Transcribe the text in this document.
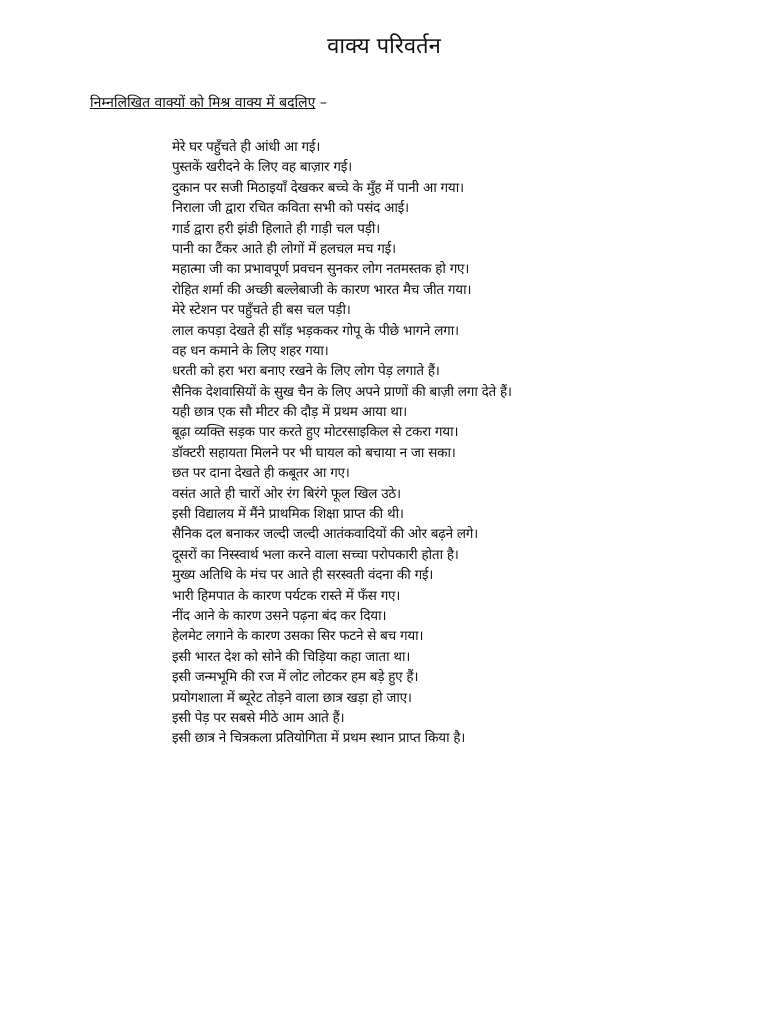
वाक्य परिवर्तन

निम्नलिखित वाक्यों को मिश्र वाक्य में बदलिए –

मेरे घर पहुँचते ही आंधी आ गई।
पुस्तकें खरीदने के लिए वह बाज़ार गई।
दुकान पर सजी मिठाइयाँ देखकर बच्चे के मुँह में पानी आ गया।
निराला जी द्वारा रचित कविता सभी को पसंद आई।
गार्ड द्वारा हरी झंडी हिलाते ही गाड़ी चल पड़ी।
पानी का टैंकर आते ही लोगों में हलचल मच गई।
महात्मा जी का प्रभावपूर्ण प्रवचन सुनकर लोग नतमस्तक हो गए।
रोहित शर्मा की अच्छी बल्लेबाजी के कारण भारत मैच जीत गया।
मेरे स्टेशन पर पहुँचते ही बस चल पड़ी।
लाल कपड़ा देखते ही साँड़ भड़ककर गोपू के पीछे भागने लगा।
वह धन कमाने के लिए शहर गया।
धरती को हरा भरा बनाए रखने के लिए लोग पेड़ लगाते हैं।
सैनिक देशवासियों के सुख चैन के लिए अपने प्राणों की बाज़ी लगा देते हैं।
यही छात्र एक सौ मीटर की दौड़ में प्रथम आया था।
बूढ़ा व्यक्ति सड़क पार करते हुए मोटरसाइकिल से टकरा गया।
डॉक्टरी सहायता मिलने पर भी घायल को बचाया न जा सका।
छत पर दाना देखते ही कबूतर आ गए।
वसंत आते ही चारों ओर रंग बिरंगे फूल खिल उठे।
इसी विद्यालय में मैंने प्राथमिक शिक्षा प्राप्त की थी।
सैनिक दल बनाकर जल्दी जल्दी आतंकवादियों की ओर बढ़ने लगे।
दूसरों का निस्स्वार्थ भला करने वाला सच्चा परोपकारी होता है।
मुख्य अतिथि के मंच पर आते ही सरस्वती वंदना की गई।
भारी हिमपात के कारण पर्यटक रास्ते में फँस गए।
नींद आने के कारण उसने पढ़ना बंद कर दिया।
हेलमेट लगाने के कारण उसका सिर फटने से बच गया।
इसी भारत देश को सोने की चिड़िया कहा जाता था।
इसी जन्मभूमि की रज में लोट लोटकर हम बड़े हुए हैं।
प्रयोगशाला में ब्यूरेट तोड़ने वाला छात्र खड़ा हो जाए।
इसी पेड़ पर सबसे मीठे आम आते हैं।
इसी छात्र ने चित्रकला प्रतियोगिता में प्रथम स्थान प्राप्त किया है।
